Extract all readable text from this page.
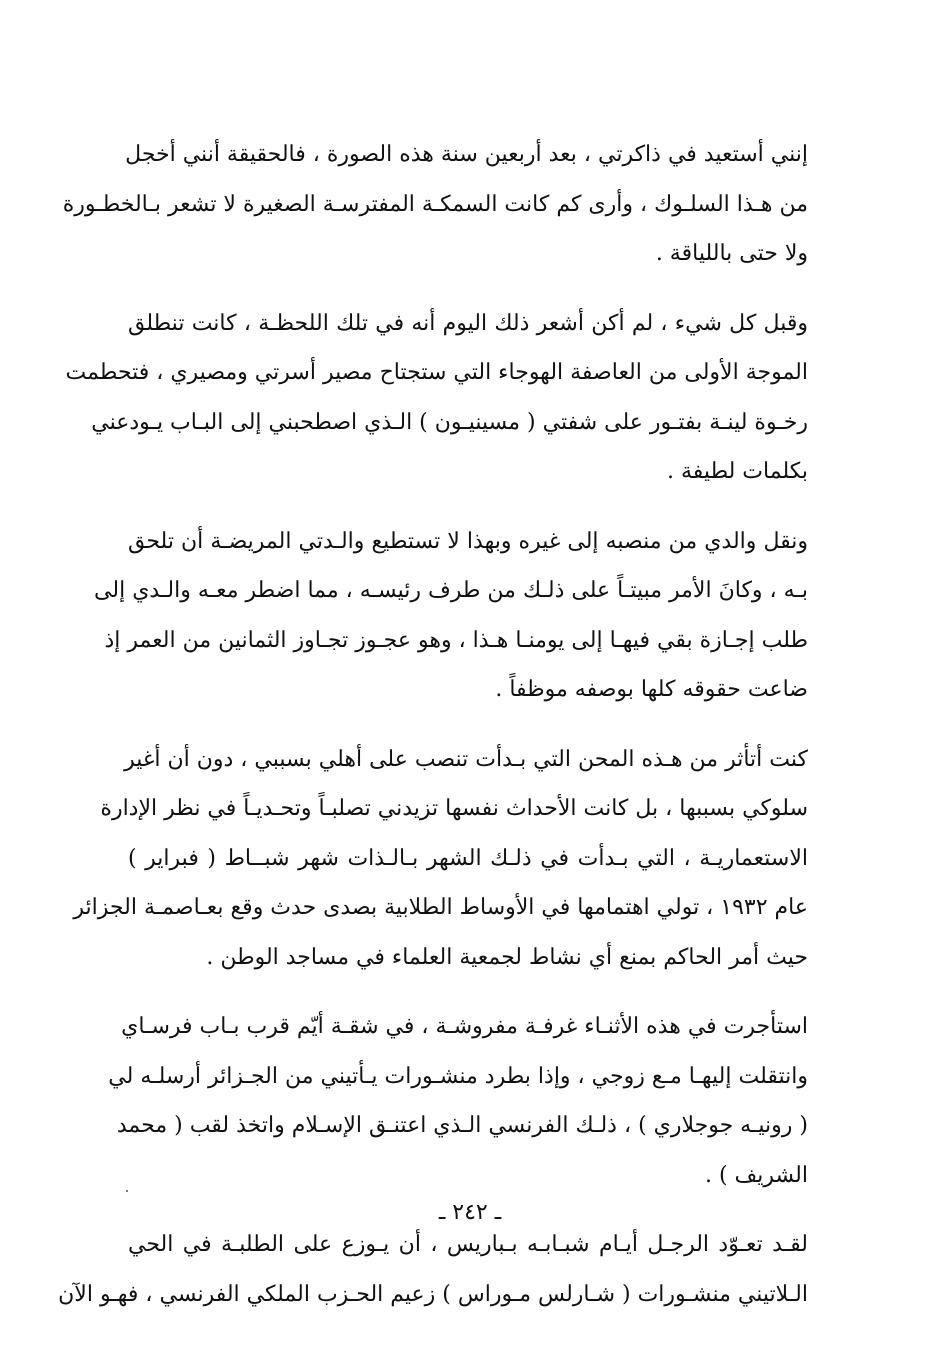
إنني أستعيد في ذاكرتي ، بعد أربعين سنة هذه الصورة ، فالحقيقة أنني أخجل
من هـذا السلـوك ، وأرى كم كانت السمكـة المفترسـة الصغيرة لا تشعر بـالخطـورة
ولا حتى باللياقة .
وقبل كل شيء ، لم أكن أشعر ذلك اليوم أنه في تلك اللحظـة ، كانت تنطلق
الموجة الأولى من العاصفة الهوجاء التي ستجتاح مصير أسرتي ومصيري ، فتحطمت
رخـوة لينـة بفتـور على شفتي ( مسينيـون ) الـذي اصطحبني إلى البـاب يـودعني
بكلمات لطيفة .
ونقل والدي من منصبه إلى غيره وبهذا لا تستطيع والـدتي المريضـة أن تلحق
بـه ، وكانَ الأمر مبيتـاً على ذلـك من طرف رئيسـه ، مما اضطر معـه والـدي إلى
طلب إجـازة بقي فيهـا إلى يومنـا هـذا ، وهو عجـوز تجـاوز الثمانين من العمر إذ
ضاعت حقوقه كلها بوصفه موظفاً .
كنت أتأثر من هـذه المحن التي بـدأت تنصب على أهلي بسببي ، دون أن أغير
سلوكي بسببها ، بل كانت الأحداث نفسها تزيدني تصلبـاً وتحـديـاً في نظر الإدارة
الاستعماريـة ، التي بـدأت في ذلـك الشهر بـالـذات شهر شبــاط ( فبراير )
عام ١٩٣٢ ، تولي اهتمامها في الأوساط الطلابية بصدى حدث وقع بعـاصمـة الجزائر
حيث أمر الحاكم بمنع أي نشاط لجمعية العلماء في مساجد الوطن .
استأجرت في هذه الأثنـاء غرفـة مفروشـة ، في شقـة أيّم قرب بـاب فرسـاي
وانتقلت إليهـا مـع زوجي ، وإذا بطرد منشـورات يـأتيني من الجـزائر أرسلـه لي
( رونيـه جوجلاري ) ، ذلـك الفرنسي الـذي اعتنـق الإسـلام واتخذ لقب ( محمد
الشريف ) .
لقـد تعـوّد الرجـل أيـام شبـابـه بـباريس ، أن يـوزع على الطلبـة في الحي
الـلاتيني منشـورات ( شـارلس مـوراس ) زعيم الحـزب الملكي الفرنسي ، فهـو الآن
ـ ٢٤٢ ـ
